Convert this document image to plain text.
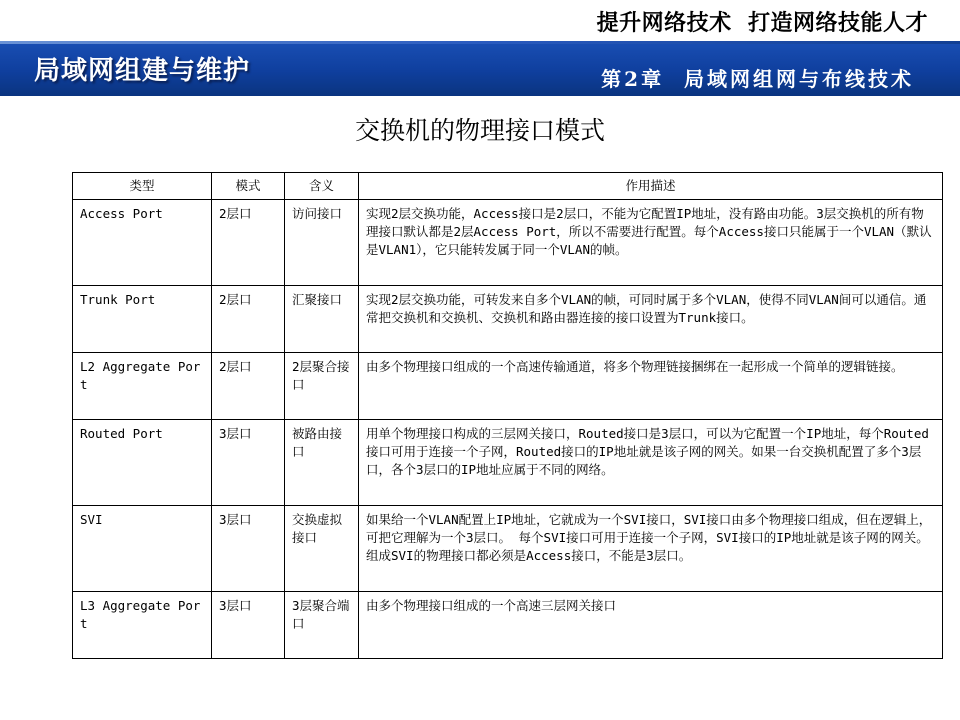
提升网络技术  打造网络技能人才
局域网组建与维护	第2章  局域网组网与布线技术
交换机的物理接口模式
类型	模式	含义	作用描述
Access Port	2层口	访问接口	实现2层交换功能，Access接口是2层口，不能为它配置IP地址，没有路由功能。3层交换机的所有物理接口默认都是2层Access Port，所以不需要进行配置。每个Access接口只能属于一个VLAN（默认是VLAN1），它只能转发属于同一个VLAN的帧。
Trunk Port	2层口	汇聚接口	实现2层交换功能，可转发来自多个VLAN的帧，可同时属于多个VLAN，使得不同VLAN间可以通信。通常把交换机和交换机、交换机和路由器连接的接口设置为Trunk接口。
L2 Aggregate Port	2层口	2层聚合接口	由多个物理接口组成的一个高速传输通道，将多个物理链接捆绑在一起形成一个简单的逻辑链接。
Routed Port	3层口	被路由接口	用单个物理接口构成的三层网关接口，Routed接口是3层口，可以为它配置一个IP地址，每个Routed接口可用于连接一个子网，Routed接口的IP地址就是该子网的网关。如果一台交换机配置了多个3层口，各个3层口的IP地址应属于不同的网络。
SVI	3层口	交换虚拟接口	如果给一个VLAN配置上IP地址，它就成为一个SVI接口，SVI接口由多个物理接口组成，但在逻辑上，可把它理解为一个3层口。 每个SVI接口可用于连接一个子网，SVI接口的IP地址就是该子网的网关。组成SVI的物理接口都必须是Access接口，不能是3层口。
L3 Aggregate Port	3层口	3层聚合端口	由多个物理接口组成的一个高速三层网关接口
